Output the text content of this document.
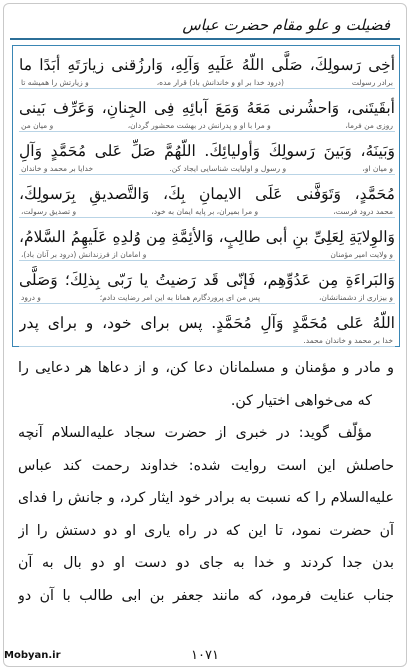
فضیلت و علو مقام حضرت عباس
أخِی رَسولِكَ، صَلَّی اللّهُ عَلَیهِ وَآلِهِ، وَارزُقنی زیارَتَهِ أبَدًا ما
برادر رسولت
(درود خدا بر او و خاندانش باد) قرار مده،
و زیارتش را همیشه تا
أبقَیتَنی، وَاحشُرنی مَعَهُ وَمَعَ آبائِهِ فِی الجِنانِ، وَعَرِّف بَینی
روزی من فرما،
و مرا با او و پدرانش در بهشت محشور گردان،
و میان من
وَبَینَهُ، وَبَینَ رَسولِكَ وَأولیائِكَ. اللّهُمَّ صَلِّ عَلی مُحَمَّدٍ وَآلِ
و میان او،
و رسول و اولیایت شناسایی ایجاد کن.
خدایا بر محمد و خاندان
مُحَمَّدٍ، وَتَوَفَّنی عَلَی الایمانِ بِكَ، وَالتَّصدیقِ بِرَسولِكَ،
محمد درود فرست،
و مرا بمیران، بر پایه ایمان به خود،
و تصدیق رسولت،
وَالوِلایَةِ لِعَلِیِّ بنِ أبی طالِبٍ، وَالأئِمَّةِ مِن وُلدِهِ عَلَیهِمُ السَّلامُ،
و ولایت امیر مؤمنان
و امامان از فرزندانش (درود بر آنان باد)،
وَالبَراءَةِ مِن عَدُوِّهِم، فَإنّی قَد رَضیتُ یا رَبّی بِذلِكَ؛ وَصَلَّی
و بیزاری از دشمنانشان،
پس من ای پروردگارم همانا به این امر رضایت دادم؛
و درود
اللّهُ عَلی مُحَمَّدٍ وَآلِ مُحَمَّدٍ. پس برای خود، و برای پدر
خدا بر محمد و خاندان محمد.
و مادر و مؤمنان و مسلمانان دعا کن، و از دعاها هر دعایی را
که می‌خواهی اختیار کن.
مؤلّف گوید: در خبری از حضرت سجاد علیه‌السلام آنچه
حاصلش این است روایت شده: خداوند رحمت کند عباس
علیه‌السلام را که نسبت به برادر خود ایثار کرد، و جانش را فدای
آن حضرت نمود، تا این که در راه یاری او دو دستش را از
بدن جدا کردند و خدا به جای دو دست او دو بال به آن
جناب عنایت فرمود، که مانند جعفر بن ابی طالب با آن دو
۱۰۷۱
Mobyan.ir
